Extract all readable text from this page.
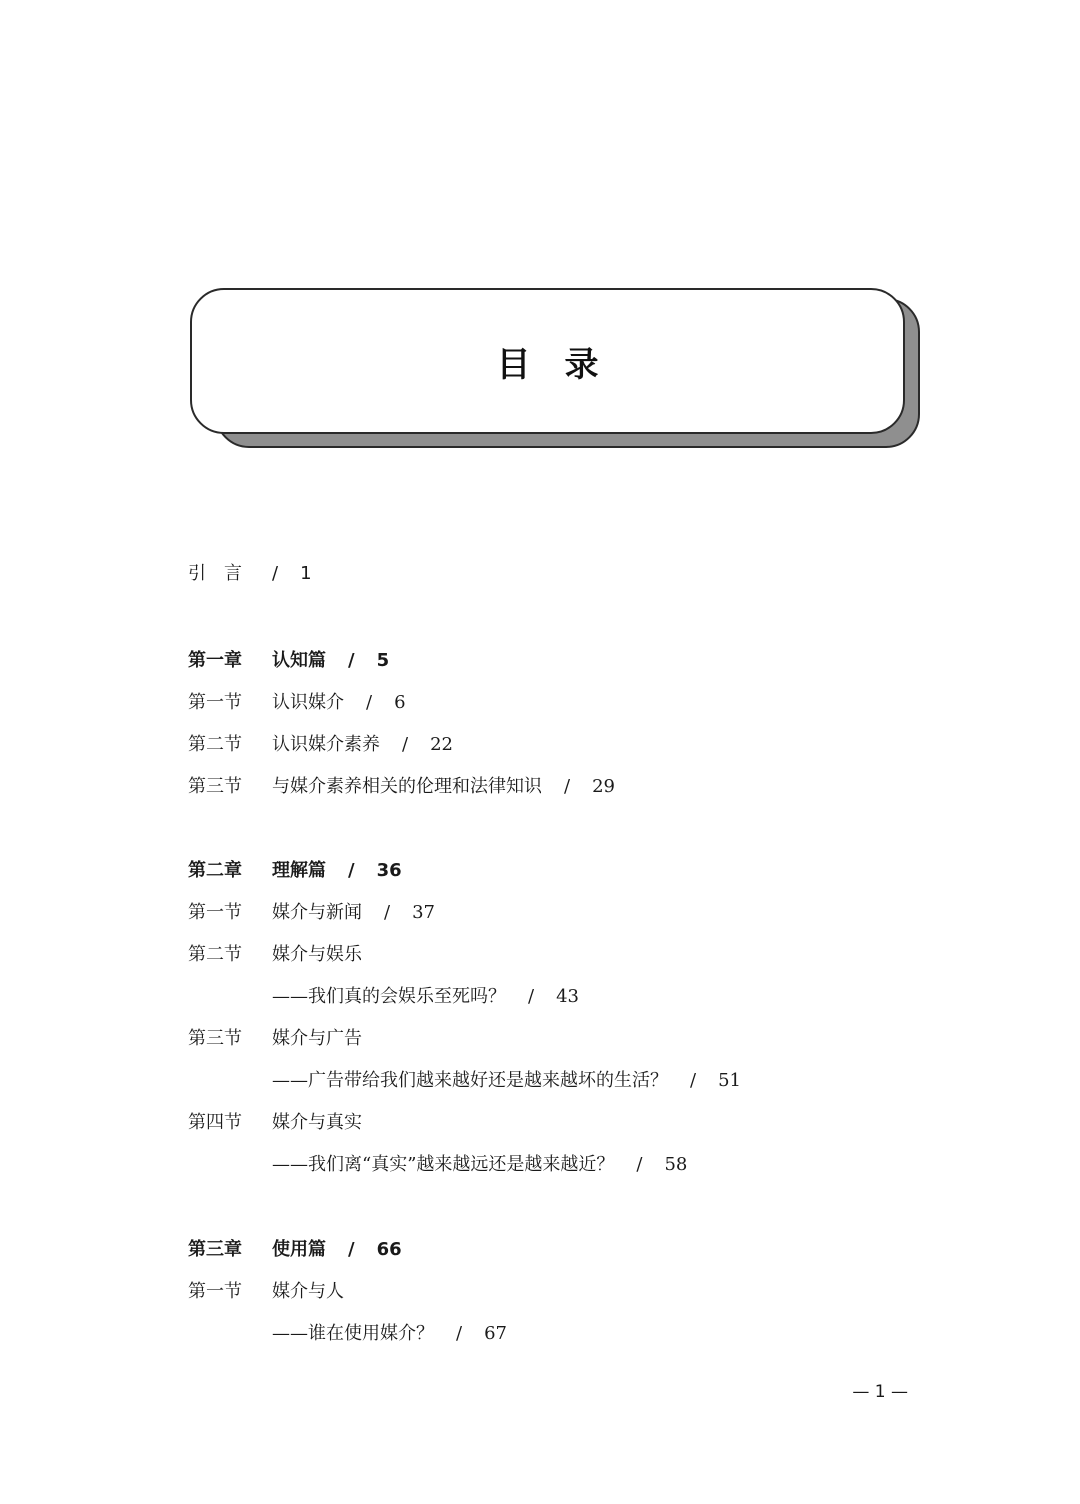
目录
引　言 / 1
第一章 认知篇 / 5
第一节 认识媒介 / 6
第二节 认识媒介素养 / 22
第三节 与媒介素养相关的伦理和法律知识 / 29
第二章 理解篇 / 36
第一节 媒介与新闻 / 37
第二节 媒介与娱乐
——我们真的会娱乐至死吗？ / 43
第三节 媒介与广告
——广告带给我们越来越好还是越来越坏的生活？ / 51
第四节 媒介与真实
——我们离“真实”越来越远还是越来越近？ / 58
第三章 使用篇 / 66
第一节 媒介与人
——谁在使用媒介？ / 67
— 1 —
